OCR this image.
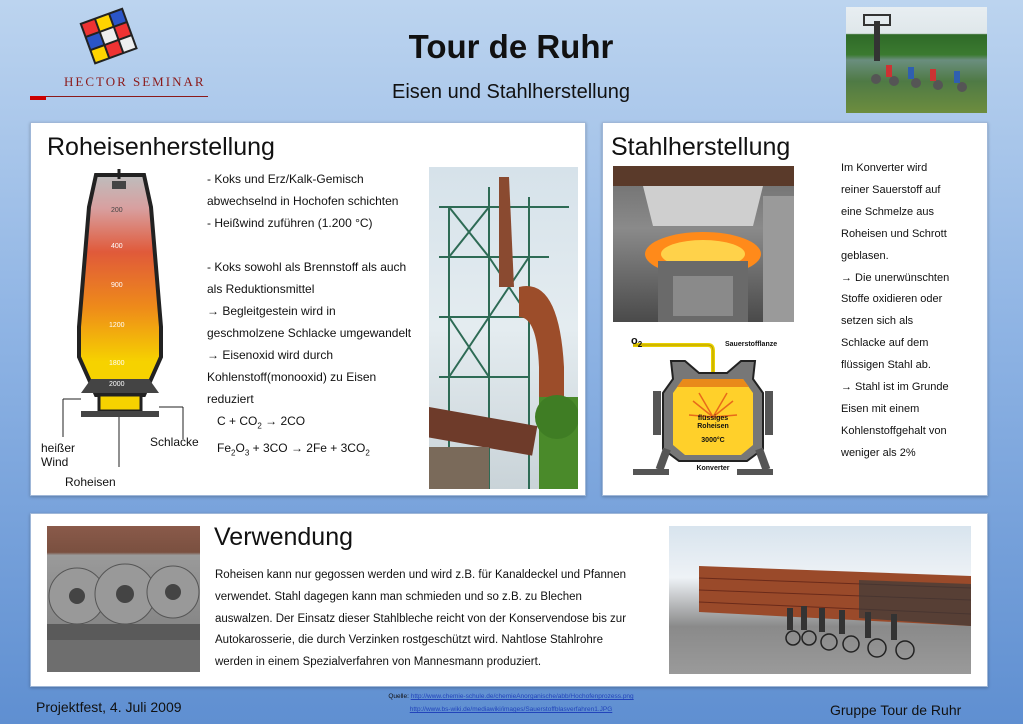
HECTOR SEMINAR
Tour de Ruhr
Eisen und Stahlherstellung
Roheisenherstellung
200
400
900
1200
1800
2000
heißer
Wind
Schlacke
Roheisen
- Koks und Erz/Kalk-Gemisch
abwechselnd in Hochofen schichten
- Heißwind zuführen (1.200 °C)
- Koks sowohl als Brennstoff als auch
als Reduktionsmittel
→ Begleitgestein wird in
geschmolzene Schlacke umgewandelt
→ Eisenoxid wird durch
Kohlenstoff(monooxid) zu Eisen
reduziert
$C + CO_2 \to 2CO$
$Fe_2O_3 + 3CO \to 2Fe + 3CO_2$
Stahlherstellung
$o_2$	Sauerstofflanze
flüssiges
Roheisen
3000°C
Konverter
Im Konverter wird
reiner Sauerstoff auf
eine Schmelze aus
Roheisen und Schrott
geblasen.
→ Die unerwünschten
Stoffe oxidieren oder
setzen sich als
Schlacke auf dem
flüssigen Stahl ab.
→ Stahl ist im Grunde
Eisen mit einem
Kohlenstoffgehalt von
weniger als 2%
Verwendung
Roheisen kann nur gegossen werden und wird z.B. für Kanaldeckel und Pfannen
verwendet. Stahl dagegen kann man schmieden und so z.B. zu Blechen
auswalzen. Der Einsatz dieser Stahlbleche reicht von der Konservendose bis zur
Autokarosserie, die durch Verzinken rostgeschützt wird. Nahtlose Stahlrohre
werden in einem Spezialverfahren von Mannesmann produziert.
Projektfest, 4. Juli 2009	Gruppe Tour de Ruhr
Quelle: http://www.chemie-schule.de/chemieAnorganische/abb/Hochofenprozess.png
http://www.bs-wiki.de/mediawiki/images/Sauerstoffblasverfahren1.JPG
